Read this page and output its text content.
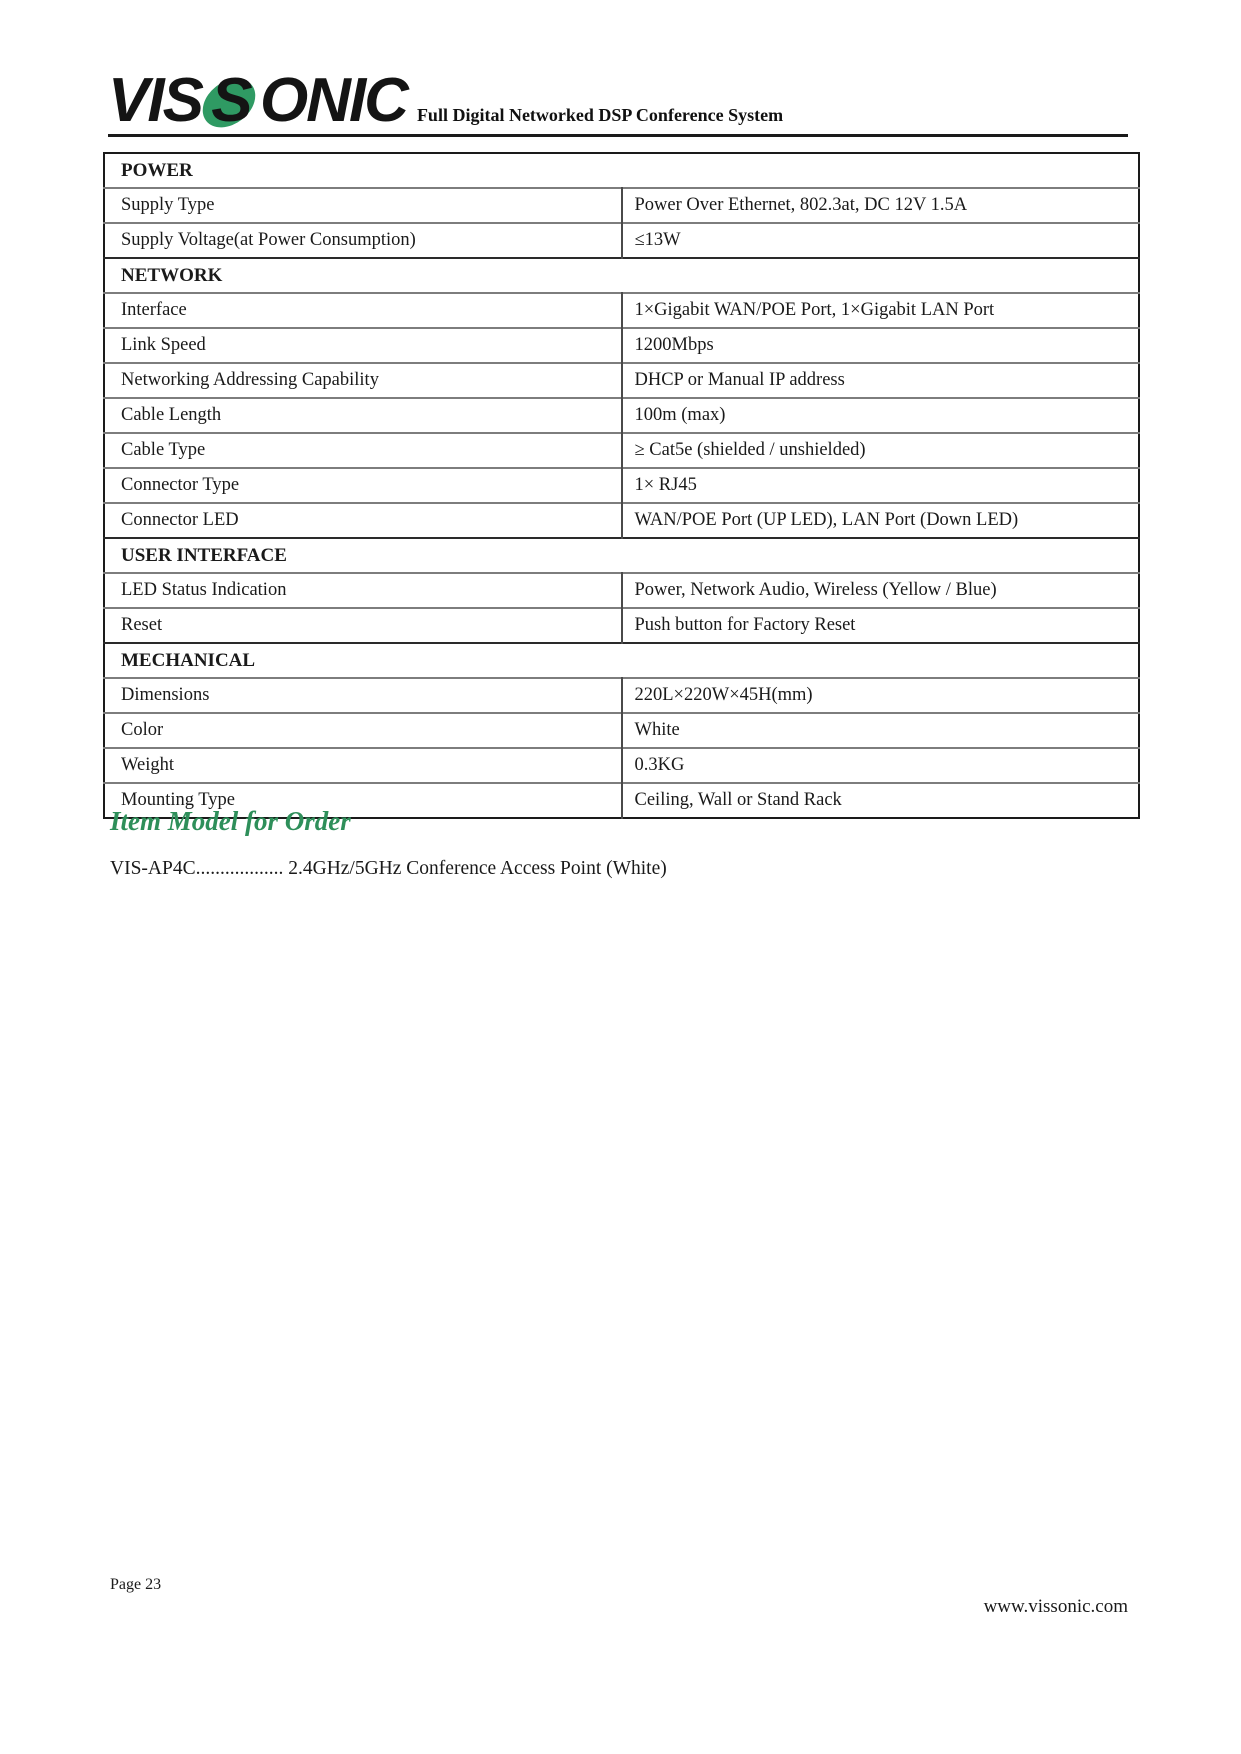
VIS S ONIC Full Digital Networked DSP Conference System
POWER	
Supply Type	Power Over Ethernet, 802.3at, DC 12V 1.5A
Supply Voltage(at Power Consumption)	≤13W
NETWORK	
Interface	1×Gigabit WAN/POE Port, 1×Gigabit LAN Port
Link Speed	1200Mbps
Networking Addressing Capability	DHCP or Manual IP address
Cable Length	100m (max)
Cable Type	≥ Cat5e (shielded / unshielded)
Connector Type	1× RJ45
Connector LED	WAN/POE Port (UP LED), LAN Port (Down LED)
USER INTERFACE	
LED Status Indication	Power, Network Audio, Wireless (Yellow / Blue)
Reset	Push button for Factory Reset
MECHANICAL	
Dimensions	220L×220W×45H(mm)
Color	White
Weight	0.3KG
Mounting Type	Ceiling, Wall or Stand Rack
Item Model for Order
VIS-AP4C.................. 2.4GHz/5GHz Conference Access Point (White)
Page 23
www.vissonic.com
